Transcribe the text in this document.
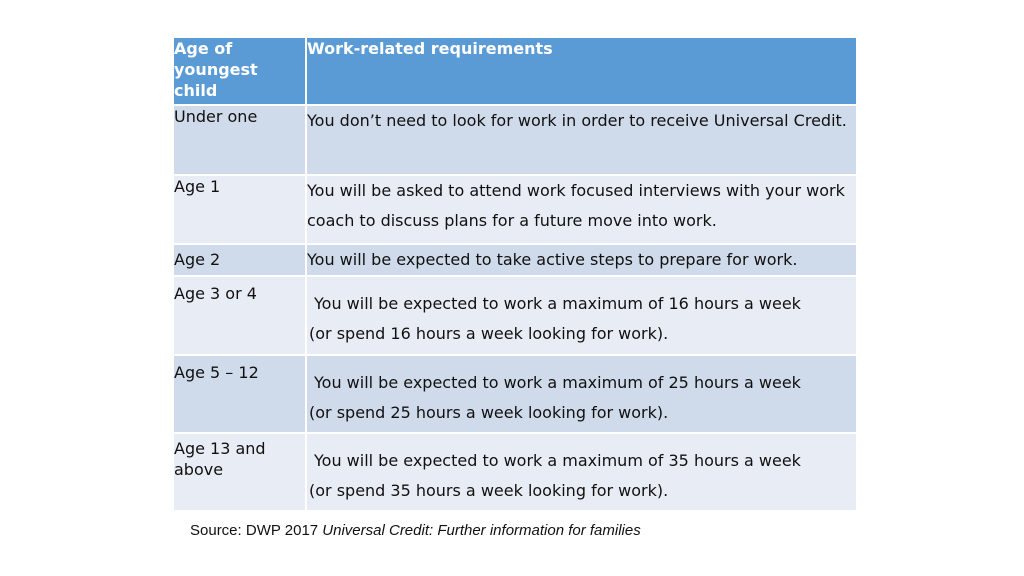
Age of youngest child	Work-related requirements
Under one	You don’t need to look for work in order to receive Universal Credit.
Age 1	You will be asked to attend work focused interviews with your work coach to discuss plans for a future move into work.
Age 2	You will be expected to take active steps to prepare for work.
Age 3 or 4	You will be expected to work a maximum of 16 hours a week
(or spend 16 hours a week looking for work).

Age 5 – 12	You will be expected to work a maximum of 25 hours a week
(or spend 25 hours a week looking for work).

Age 13 and above	You will be expected to work a maximum of 35 hours a week
(or spend 35 hours a week looking for work).
Source: DWP 2017 Universal Credit: Further information for families
